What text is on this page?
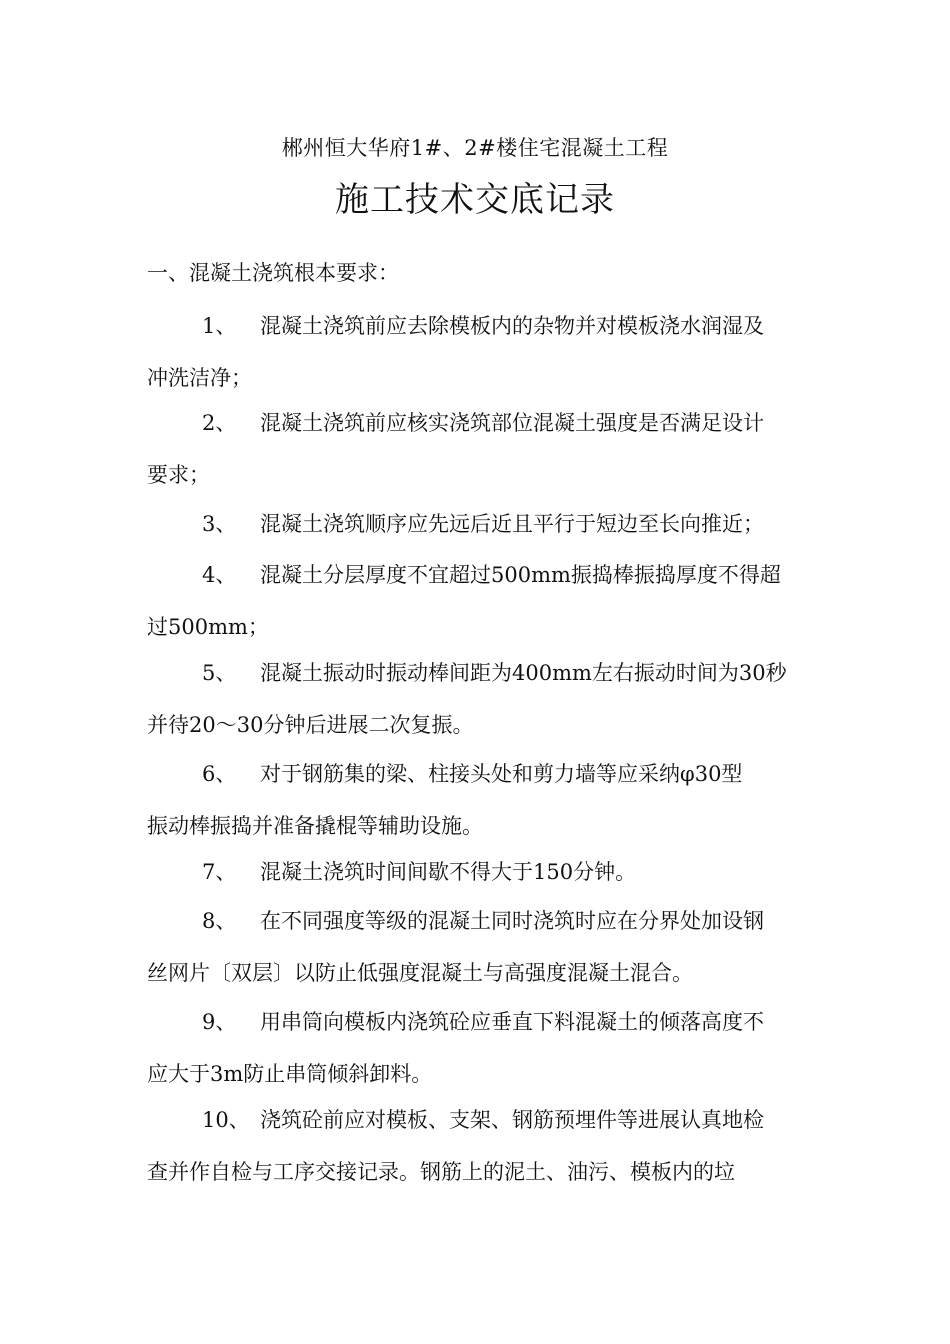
郴州恒大华府1#、2#楼住宅混凝土工程
施工技术交底记录
一、混凝土浇筑根本要求：
1、	混凝土浇筑前应去除模板内的杂物并对模板浇水润湿及
冲洗洁净；
2、	混凝土浇筑前应核实浇筑部位混凝土强度是否满足设计
要求；
3、	混凝土浇筑顺序应先远后近且平行于短边至长向推近；
4、	混凝土分层厚度不宜超过500mm振捣棒振捣厚度不得超
过500mm；
5、	混凝土振动时振动棒间距为400mm左右振动时间为30秒
并待20～30分钟后进展二次复振。
6、	对于钢筋集的梁、柱接头处和剪力墙等应采纳φ30型
振动棒振捣并准备撬棍等辅助设施。
7、	混凝土浇筑时间间歇不得大于150分钟。
8、	在不同强度等级的混凝土同时浇筑时应在分界处加设钢
丝网片〔双层〕以防止低强度混凝土与高强度混凝土混合。
9、	用串筒向模板内浇筑砼应垂直下料混凝土的倾落高度不
应大于3m防止串筒倾斜卸料。
10、 浇筑砼前应对模板、支架、钢筋预埋件等进展认真地检
查并作自检与工序交接记录。钢筋上的泥土、油污、模板内的垃
